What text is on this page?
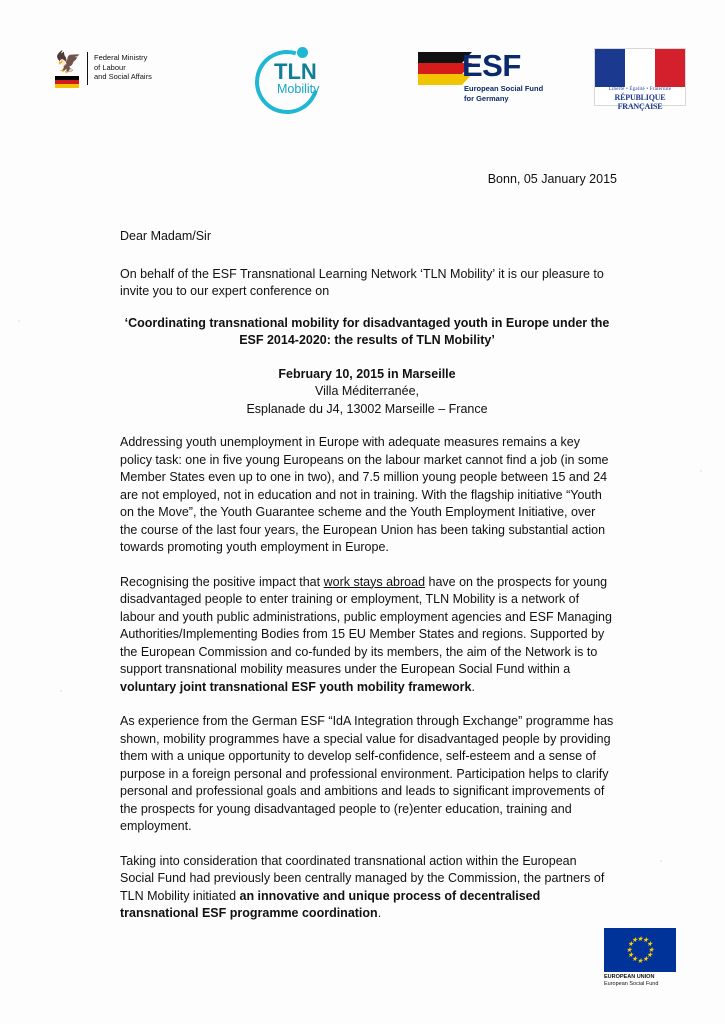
🦅 Federal Ministry
of Labour
and Social Affairs	TLN
Mobility
ESF
European Social Fund
for Germany
▲
Liberté • Égalité • Fraternité
RÉPUBLIQUE FRANÇAISE
Bonn, 05 January 2015

Dear Madam/Sir

On behalf of the ESF Transnational Learning Network ‘TLN Mobility’ it is our pleasure to invite you to our expert conference on

‘Coordinating transnational mobility for disadvantaged youth in Europe under the
ESF 2014-2020: the results of TLN Mobility’
February 10, 2015 in Marseille
Villa Méditerranée,
Esplanade du J4, 13002 Marseille – France

Addressing youth unemployment in Europe with adequate measures remains a key policy task: one in five young Europeans on the labour market cannot find a job (in some Member States even up to one in two), and 7.5 million young people between 15 and 24 are not employed, not in education and not in training. With the flagship initiative “Youth on the Move”, the Youth Guarantee scheme and the Youth Employment Initiative, over the course of the last four years, the European Union has been taking substantial action towards promoting youth employment in Europe.

Recognising the positive impact that work stays abroad have on the prospects for young disadvantaged people to enter training or employment, TLN Mobility is a network of labour and youth public administrations, public employment agencies and ESF Managing Authorities/Implementing Bodies from 15 EU Member States and regions. Supported by the European Commission and co-funded by its members, the aim of the Network is to support transnational mobility measures under the European Social Fund within a voluntary joint transnational ESF youth mobility framework.

As experience from the German ESF “IdA Integration through Exchange” programme has shown, mobility programmes have a special value for disadvantaged people by providing them with a unique opportunity to develop self-confidence, self-esteem and a sense of purpose in a foreign personal and professional environment. Participation helps to clarify personal and professional goals and ambitions and leads to significant improvements of the prospects for young disadvantaged people to (re)enter education, training and employment.

Taking into consideration that coordinated transnational action within the European Social Fund had previously been centrally managed by the Commission, the partners of TLN Mobility initiated an innovative and unique process of decentralised transnational ESF programme coordination.

★ ★
★
★
★
★
★
★
★
★
★
★
EUROPEAN UNION
European Social Fund
